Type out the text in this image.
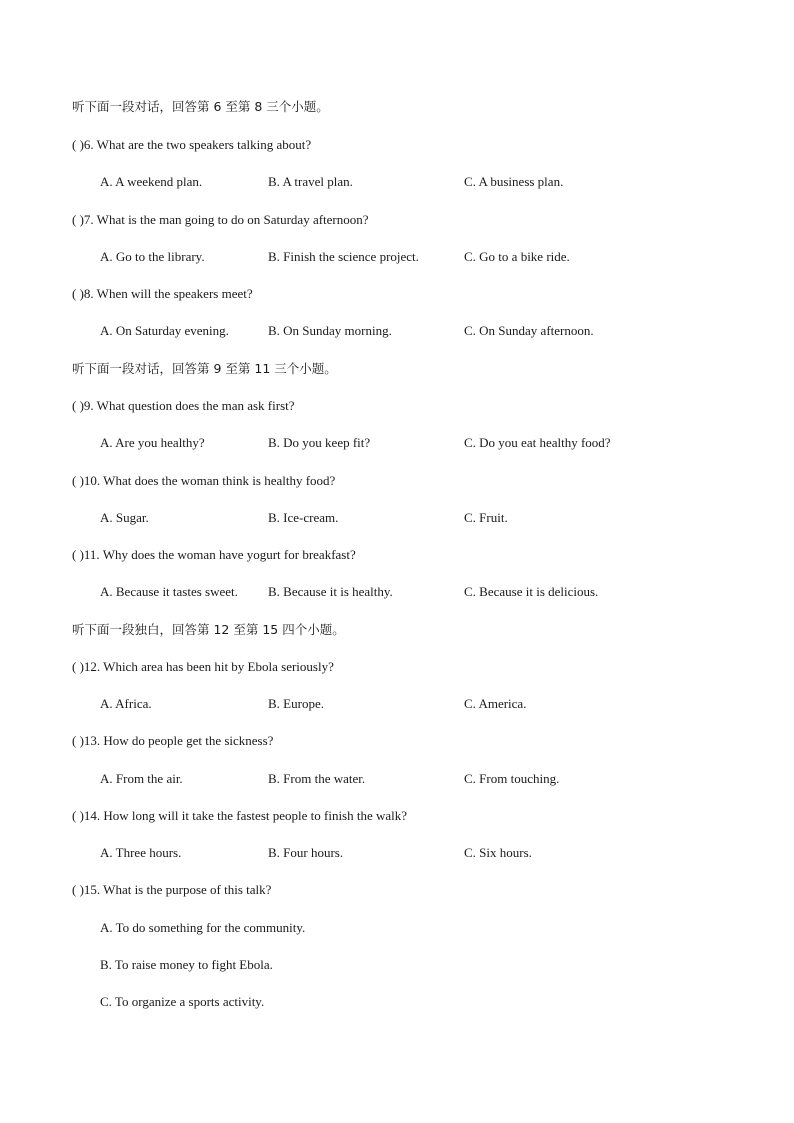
听下面一段对话，回答第 6 至第 8 三个小题。
( )6. What are the two speakers talking about?
A. A weekend plan.	B. A travel plan.	C. A business plan.
( )7. What is the man going to do on Saturday afternoon?
A. Go to the library.	B. Finish the science project.	C. Go to a bike ride.
( )8. When will the speakers meet?
A. On Saturday evening.	B. On Sunday morning.	C. On Sunday afternoon.
听下面一段对话，回答第 9 至第 11 三个小题。
( )9. What question does the man ask first?
A. Are you healthy?	B. Do you keep fit?	C. Do you eat healthy food?
( )10. What does the woman think is healthy food?
A. Sugar.	B. Ice-cream.	C. Fruit.
( )11. Why does the woman have yogurt for breakfast?
A. Because it tastes sweet. B. Because it is healthy.	C. Because it is delicious.
听下面一段独白，回答第 12 至第 15 四个小题。
( )12. Which area has been hit by Ebola seriously?
A. Africa.	B. Europe.	C. America.
( )13. How do people get the sickness?
A. From the air.	B. From the water.	C. From touching.
( )14. How long will it take the fastest people to finish the walk?
A. Three hours.	B. Four hours.	C. Six hours.
( )15. What is the purpose of this talk?
A. To do something for the community.
B. To raise money to fight Ebola.
C. To organize a sports activity.
